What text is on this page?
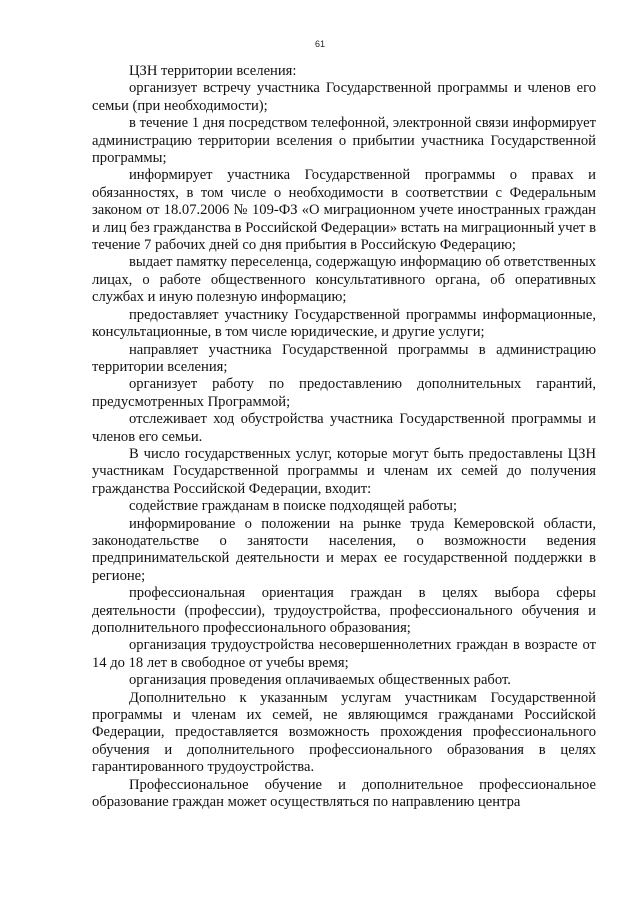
61

ЦЗН территории вселения:

организует встречу участника Государственной программы и членов его семьи (при необходимости);

в течение 1 дня посредством телефонной, электронной связи информирует администрацию территории вселения о прибытии участника Государственной программы;

информирует участника Государственной программы о правах и обязанностях, в том числе о необходимости в соответствии с Федеральным законом от 18.07.2006 № 109-ФЗ «О миграционном учете иностранных граждан и лиц без гражданства в Российской Федерации» встать на миграционный учет в течение 7 рабочих дней со дня прибытия в Российскую Федерацию;

выдает памятку переселенца, содержащую информацию об ответственных лицах, о работе общественного консультативного органа, об оперативных службах и иную полезную информацию;

предоставляет участнику Государственной программы информационные, консультационные, в том числе юридические, и другие услуги;

направляет участника Государственной программы в администрацию территории вселения;

организует работу по предоставлению дополнительных гарантий, предусмотренных Программой;

отслеживает ход обустройства участника Государственной программы и членов его семьи.

В число государственных услуг, которые могут быть предоставлены ЦЗН участникам Государственной программы и членам их семей до получения гражданства Российской Федерации, входит:

содействие гражданам в поиске подходящей работы;

информирование о положении на рынке труда Кемеровской области, законодательстве о занятости населения, о возможности ведения предпринимательской деятельности и мерах ее государственной поддержки в регионе;

профессиональная ориентация граждан в целях выбора сферы деятельности (профессии), трудоустройства, профессионального обучения и дополнительного профессионального образования;

организация трудоустройства несовершеннолетних граждан в возрасте от 14 до 18 лет в свободное от учебы время;

организация проведения оплачиваемых общественных работ.

Дополнительно к указанным услугам участникам Государственной программы и членам их семей, не являющимся гражданами Российской Федерации, предоставляется возможность прохождения профессионального обучения и дополнительного профессионального образования в целях гарантированного трудоустройства.

Профессиональное обучение и дополнительное профессиональное образование граждан может осуществляться по направлению центра
